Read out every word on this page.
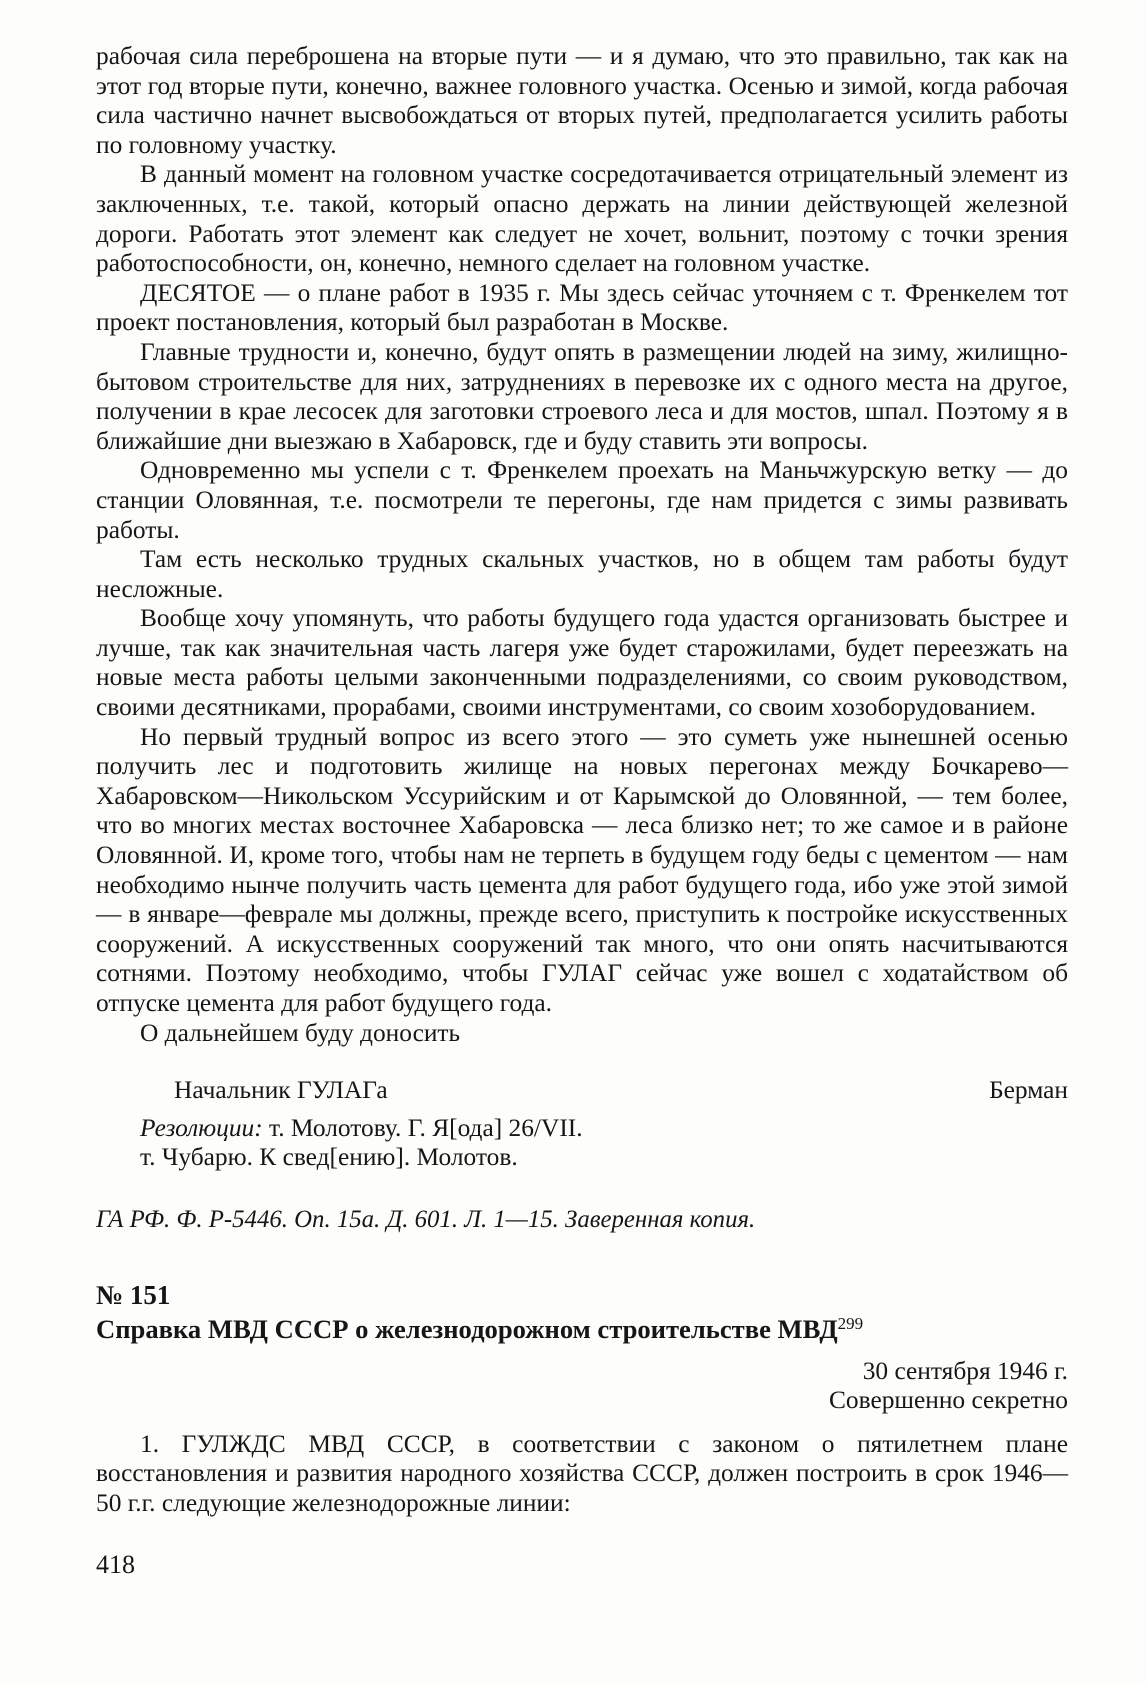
рабочая сила переброшена на вторые пути — и я думаю, что это правильно, так как на этот год вторые пути, конечно, важнее головного участка. Осенью и зимой, когда рабочая сила частично начнет высвобождаться от вторых путей, предполагается усилить работы по головному участку.

В данный момент на головном участке сосредотачивается отрицательный элемент из заключенных, т.е. такой, который опасно держать на линии действующей железной дороги. Работать этот элемент как следует не хочет, вольнит, поэтому с точки зрения работоспособности, он, конечно, немного сделает на головном участке.

ДЕСЯТОЕ — о плане работ в 1935 г. Мы здесь сейчас уточняем с т. Френкелем тот проект постановления, который был разработан в Москве.

Главные трудности и, конечно, будут опять в размещении людей на зиму, жилищно-бытовом строительстве для них, затруднениях в перевозке их с одного места на другое, получении в крае лесосек для заготовки строевого леса и для мостов, шпал. Поэтому я в ближайшие дни выезжаю в Хабаровск, где и буду ставить эти вопросы.

Одновременно мы успели с т. Френкелем проехать на Маньчжурскую ветку — до станции Оловянная, т.е. посмотрели те перегоны, где нам придется с зимы развивать работы.

Там есть несколько трудных скальных участков, но в общем там работы будут несложные.

Вообще хочу упомянуть, что работы будущего года удастся организовать быстрее и лучше, так как значительная часть лагеря уже будет старожилами, будет переезжать на новые места работы целыми законченными подразделениями, со своим руководством, своими десятниками, прорабами, своими инструментами, со своим хозоборудованием.

Но первый трудный вопрос из всего этого — это суметь уже нынешней осенью получить лес и подготовить жилище на новых перегонах между Бочкарево—Хабаровском—Никольском Уссурийским и от Карымской до Оловянной, — тем более, что во многих местах восточнее Хабаровска — леса близко нет; то же самое и в районе Оловянной. И, кроме того, чтобы нам не терпеть в будущем году беды с цементом — нам необходимо нынче получить часть цемента для работ будущего года, ибо уже этой зимой — в январе—феврале мы должны, прежде всего, приступить к постройке искусственных сооружений. А искусственных сооружений так много, что они опять насчитываются сотнями. Поэтому необходимо, чтобы ГУЛАГ сейчас уже вошел с ходатайством об отпуске цемента для работ будущего года.

О дальнейшем буду доносить

Начальник ГУЛАГа	Берман

Резолюции: т. Молотову. Г. Я[ода] 26/VII.

т. Чубарю. К свед[ению]. Молотов.

ГА РФ. Ф. Р-5446. Оп. 15а. Д. 601. Л. 1—15. Заверенная копия.

№ 151

Справка МВД СССР о железнодорожном строительстве МВД$^{299}$

30 сентября 1946 г.
Совершенно секретно

1. ГУЛЖДС МВД СССР, в соответствии с законом о пятилетнем плане восстановления и развития народного хозяйства СССР, должен построить в срок 1946—50 г.г. следующие железнодорожные линии:

418
